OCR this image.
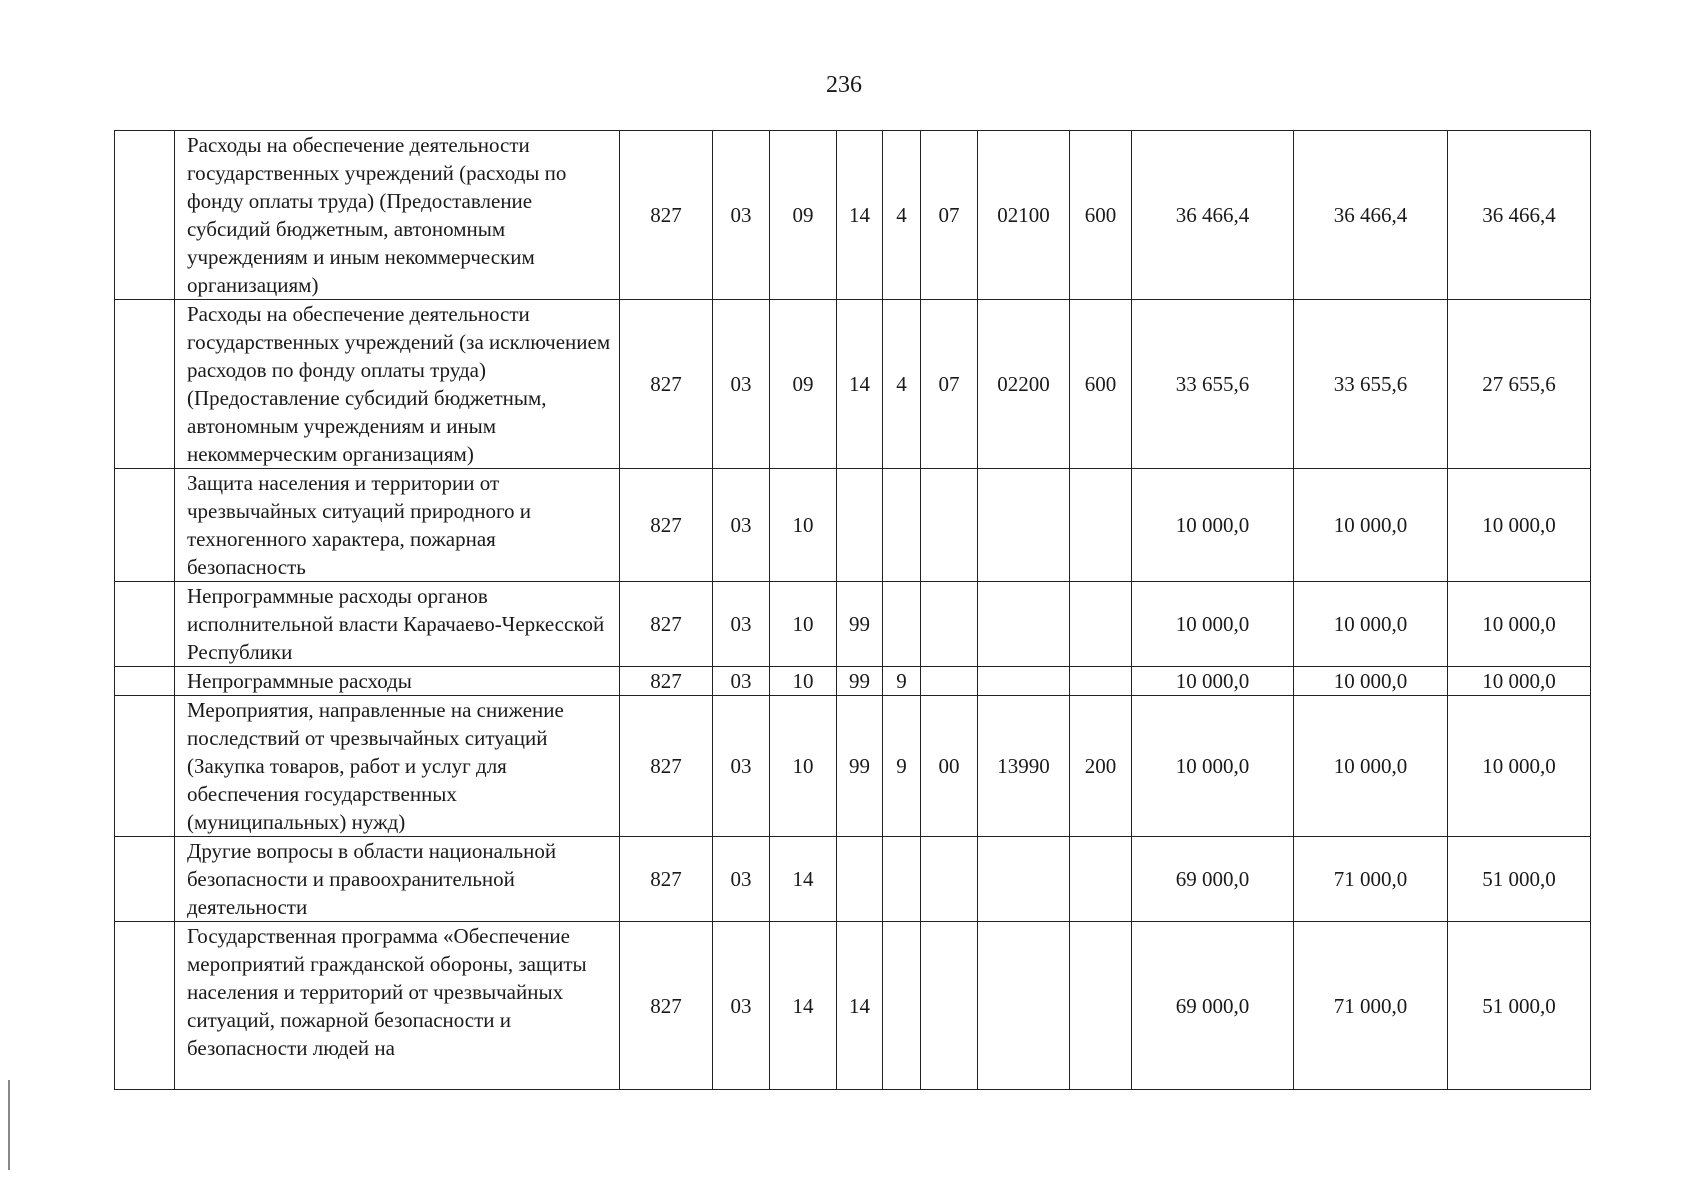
236
	Расходы на обеспечение деятельности государственных учреждений (расходы по фонду оплаты труда) (Предоставление субсидий бюджетным, автономным учреждениям и иным некоммерческим организациям)	827	03	09	14	4	07	02100	600	36 466,4	36 466,4	36 466,4
	Расходы на обеспечение деятельности государственных учреждений (за исключением расходов по фонду оплаты труда) (Предоставление субсидий бюджетным, автономным учреждениям и иным некоммерческим организациям)	827	03	09	14	4	07	02200	600	33 655,6	33 655,6	27 655,6
	Защита населения и территории от чрезвычайных ситуаций природного и техногенного характера, пожарная безопасность	827	03	10						10 000,0	10 000,0	10 000,0
	Непрограммные расходы органов исполнительной власти Карачаево-Черкесской Республики	827	03	10	99					10 000,0	10 000,0	10 000,0
	Непрограммные расходы	827	03	10	99	9				10 000,0	10 000,0	10 000,0
	Мероприятия, направленные на снижение последствий от чрезвычайных ситуаций (Закупка товаров, работ и услуг для обеспечения государственных (муниципальных) нужд)	827	03	10	99	9	00	13990	200	10 000,0	10 000,0	10 000,0
	Другие вопросы в области национальной безопасности и правоохранительной деятельности	827	03	14						69 000,0	71 000,0	51 000,0
	Государственная программа «Обеспечение мероприятий гражданской обороны, защиты населения и территорий от чрезвычайных ситуаций, пожарной безопасности и безопасности людей на	827	03	14	14					69 000,0	71 000,0	51 000,0
